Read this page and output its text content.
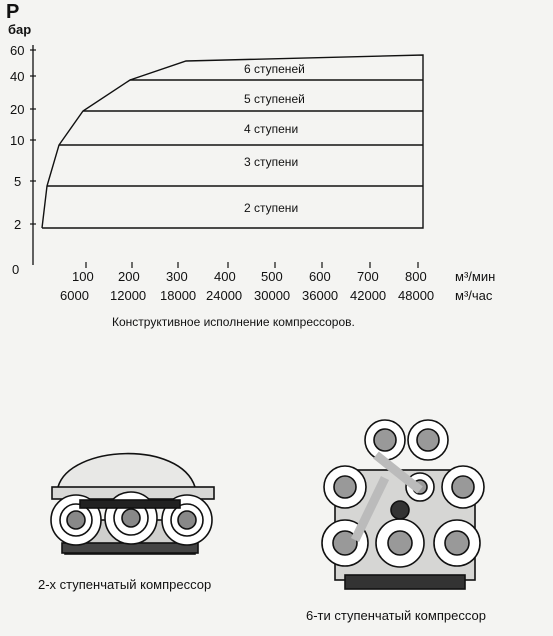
P
бар
60
40
20
10
5
2
0
6 ступеней
5 ступеней
4 ступени
3 ступени
2 ступени
100 200 300 400 500 600 700 800 м³/мин
6000 12000 18000 24000 30000 36000 42000 48000 м³/час
Конструктивное исполнение компрессоров.
2-х ступенчатый компрессор
6-ти ступенчатый компрессор
